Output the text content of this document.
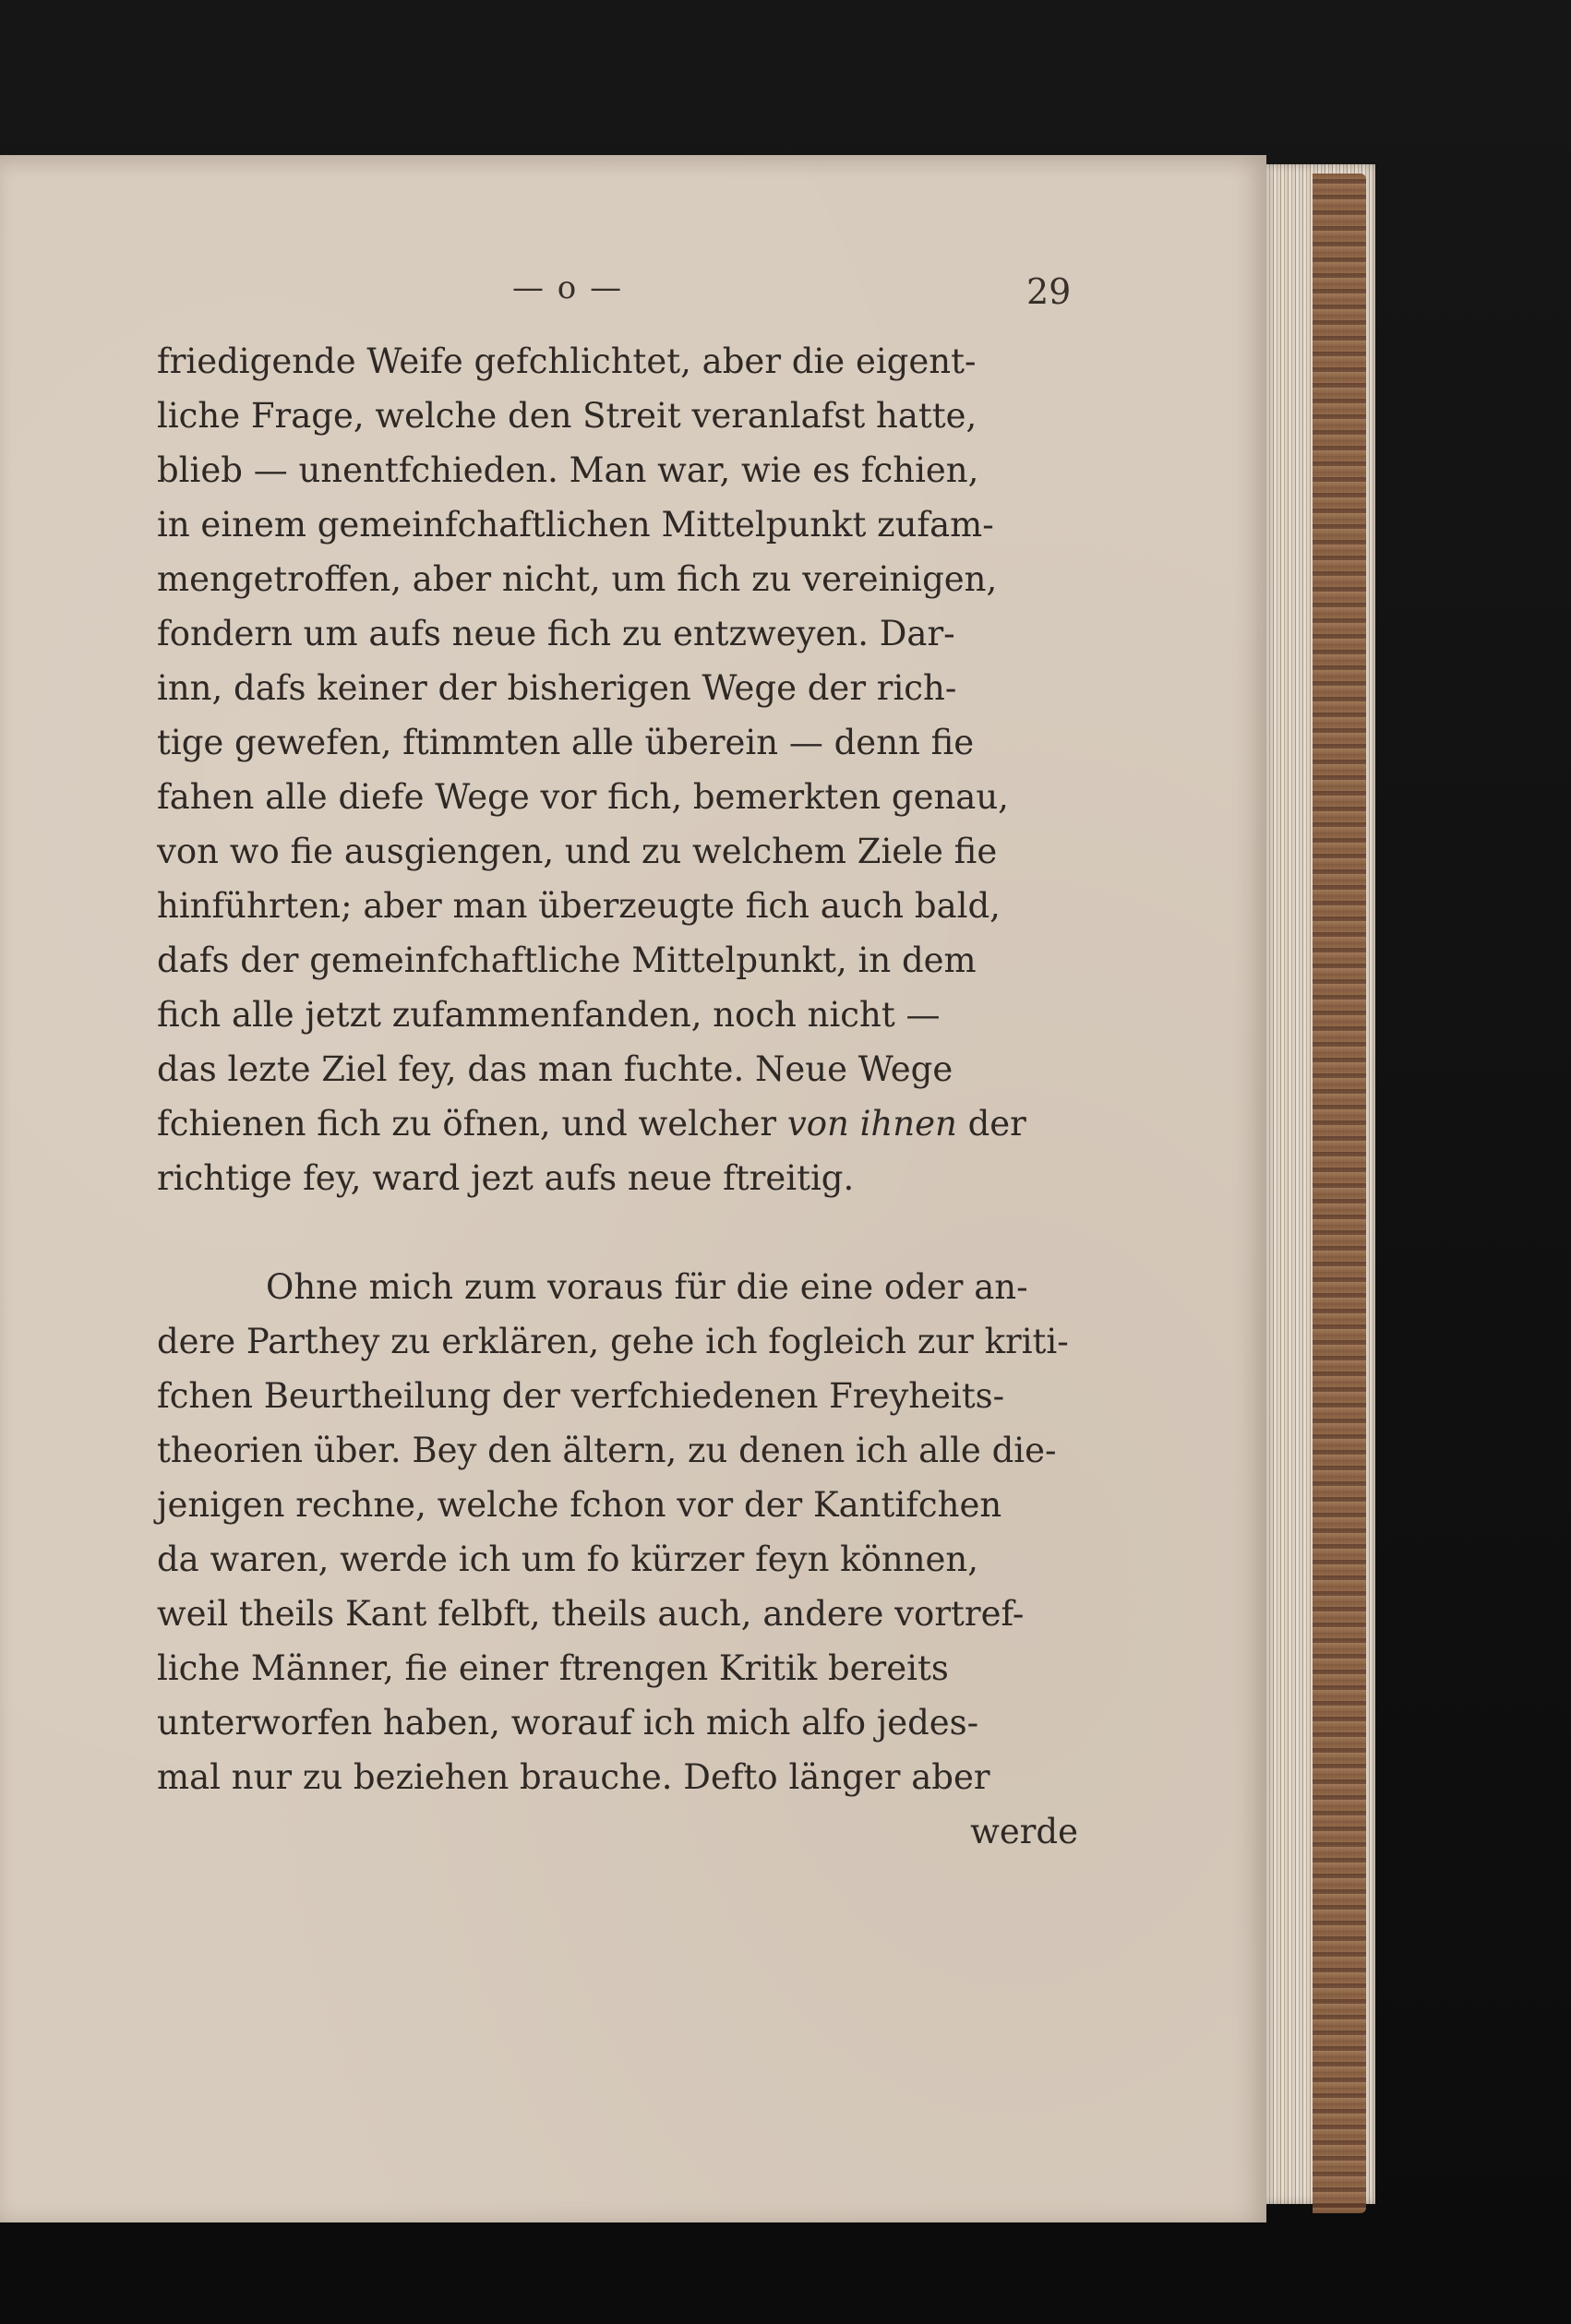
— o —	29
friedigende Weife gefchlichtet, aber die eigent-
liche Frage, welche den Streit veranlafst hatte,
blieb — unentfchieden. Man war, wie es fchien,
in einem gemeinfchaftlichen Mittelpunkt zufam-
mengetroffen, aber nicht, um fich zu vereinigen,
fondern um aufs neue fich zu entzweyen. Dar-
inn, dafs keiner der bisherigen Wege der rich-
tige gewefen, ftimmten alle überein — denn fie
fahen alle diefe Wege vor fich, bemerkten genau,
von wo fie ausgiengen, und zu welchem Ziele fie
hinführten; aber man überzeugte fich auch bald,
dafs der gemeinfchaftliche Mittelpunkt, in dem
fich alle jetzt zufammenfanden, noch nicht —
das lezte Ziel fey, das man fuchte. Neue Wege
fchienen fich zu öfnen, und welcher von ihnen der
richtige fey, ward jezt aufs neue ftreitig.
Ohne mich zum voraus für die eine oder an-
dere Parthey zu erklären, gehe ich fogleich zur kriti-
fchen Beurtheilung der verfchiedenen Freyheits-
theorien über. Bey den ältern, zu denen ich alle die-
jenigen rechne, welche fchon vor der Kantifchen
da waren, werde ich um fo kürzer feyn können,
weil theils Kant felbft, theils auch, andere vortref-
liche Männer, fie einer ftrengen Kritik bereits
unterworfen haben, worauf ich mich alfo jedes-
mal nur zu beziehen brauche. Defto länger aber
werde
